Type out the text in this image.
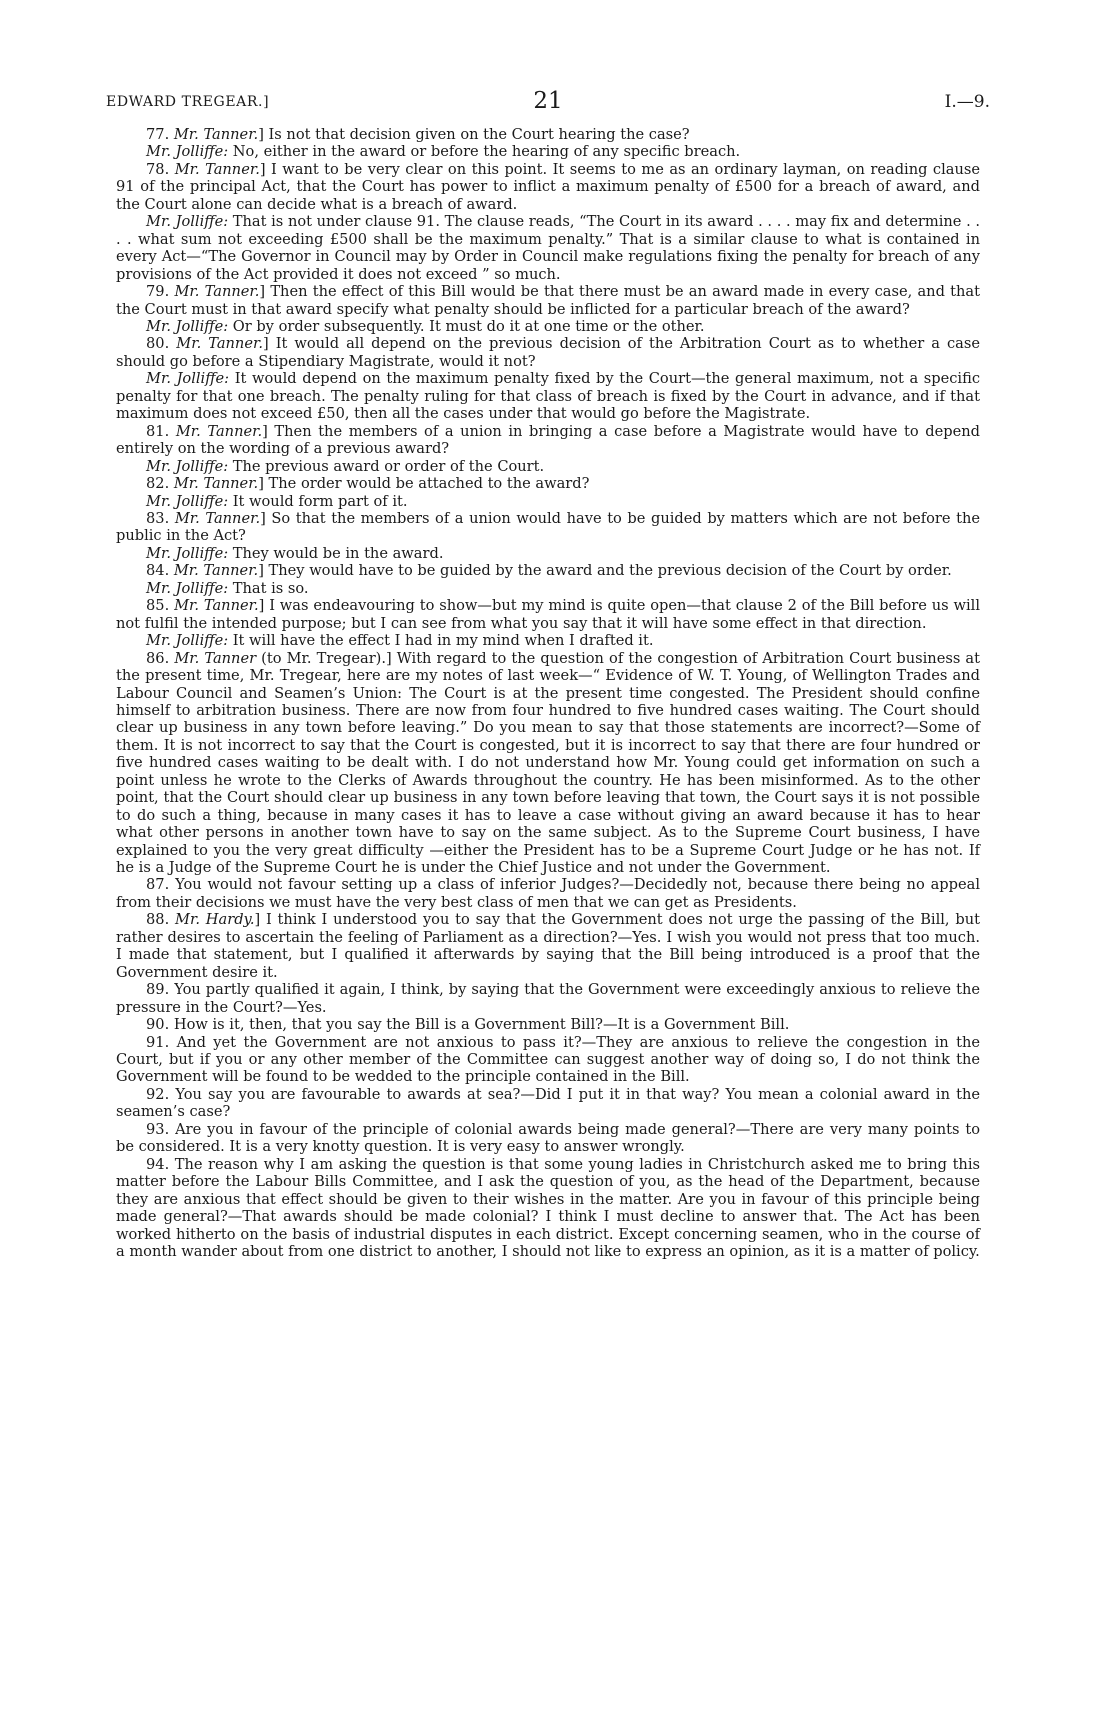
EDWARD TREGEAR.]	21	I.—9.

77. Mr. Tanner.] Is not that decision given on the Court hearing the case?

Mr. Jolliffe: No, either in the award or before the hearing of any specific breach.

78. Mr. Tanner.] I want to be very clear on this point. It seems to me as an ordinary layman, on reading clause 91 of the principal Act, that the Court has power to inflict a maximum penalty of £500 for a breach of award, and the Court alone can decide what is a breach of award.

Mr. Jolliffe: That is not under clause 91. The clause reads, “The Court in its award . . . . may fix and determine . . . . what sum not exceeding £500 shall be the maximum penalty.” That is a similar clause to what is contained in every Act—“The Governor in Council may by Order in Council make regulations fixing the penalty for breach of any provisions of the Act provided it does not exceed ” so much.

79. Mr. Tanner.] Then the effect of this Bill would be that there must be an award made in every case, and that the Court must in that award specify what penalty should be inflicted for a particular breach of the award?

Mr. Jolliffe: Or by order subsequently. It must do it at one time or the other.

80. Mr. Tanner.] It would all depend on the previous decision of the Arbitration Court as to whether a case should go before a Stipendiary Magistrate, would it not?

Mr. Jolliffe: It would depend on the maximum penalty fixed by the Court—the general maximum, not a specific penalty for that one breach. The penalty ruling for that class of breach is fixed by the Court in advance, and if that maximum does not exceed £50, then all the cases under that would go before the Magistrate.

81. Mr. Tanner.] Then the members of a union in bringing a case before a Magistrate would have to depend entirely on the wording of a previous award?

Mr. Jolliffe: The previous award or order of the Court.

82. Mr. Tanner.] The order would be attached to the award?

Mr. Jolliffe: It would form part of it.

83. Mr. Tanner.] So that the members of a union would have to be guided by matters which are not before the public in the Act?

Mr. Jolliffe: They would be in the award.

84. Mr. Tanner.] They would have to be guided by the award and the previous decision of the Court by order.

Mr. Jolliffe: That is so.

85. Mr. Tanner.] I was endeavouring to show—but my mind is quite open—that clause 2 of the Bill before us will not fulfil the intended purpose; but I can see from what you say that it will have some effect in that direction.

Mr. Jolliffe: It will have the effect I had in my mind when I drafted it.

86. Mr. Tanner (to Mr. Tregear).] With regard to the question of the congestion of Arbitration Court business at the present time, Mr. Tregear, here are my notes of last week—“ Evidence of W. T. Young, of Wellington Trades and Labour Council and Seamen’s Union: The Court is at the present time congested. The President should confine himself to arbitration business. There are now from four hundred to five hundred cases waiting. The Court should clear up business in any town before leaving.” Do you mean to say that those statements are incorrect?—Some of them. It is not incorrect to say that the Court is congested, but it is incorrect to say that there are four hundred or five hundred cases waiting to be dealt with. I do not understand how Mr. Young could get information on such a point unless he wrote to the Clerks of Awards throughout the country. He has been misinformed. As to the other point, that the Court should clear up business in any town before leaving that town, the Court says it is not possible to do such a thing, because in many cases it has to leave a case without giving an award because it has to hear what other persons in another town have to say on the same subject. As to the Supreme Court business, I have explained to you the very great difficulty —either the President has to be a Supreme Court Judge or he has not. If he is a Judge of the Supreme Court he is under the Chief Justice and not under the Government.

87. You would not favour setting up a class of inferior Judges?—Decidedly not, because there being no appeal from their decisions we must have the very best class of men that we can get as Presidents.

88. Mr. Hardy.] I think I understood you to say that the Government does not urge the passing of the Bill, but rather desires to ascertain the feeling of Parliament as a direction?—Yes. I wish you would not press that too much. I made that statement, but I qualified it afterwards by saying that the Bill being introduced is a proof that the Government desire it.

89. You partly qualified it again, I think, by saying that the Government were exceedingly anxious to relieve the pressure in the Court?—Yes.

90. How is it, then, that you say the Bill is a Government Bill?—It is a Government Bill.

91. And yet the Government are not anxious to pass it?—They are anxious to relieve the congestion in the Court, but if you or any other member of the Committee can suggest another way of doing so, I do not think the Government will be found to be wedded to the principle contained in the Bill.

92. You say you are favourable to awards at sea?—Did I put it in that way? You mean a colonial award in the seamen’s case?

93. Are you in favour of the principle of colonial awards being made general?—There are very many points to be considered. It is a very knotty question. It is very easy to answer wrongly.

94. The reason why I am asking the question is that some young ladies in Christchurch asked me to bring this matter before the Labour Bills Committee, and I ask the question of you, as the head of the Department, because they are anxious that effect should be given to their wishes in the matter. Are you in favour of this principle being made general?—That awards should be made colonial? I think I must decline to answer that. The Act has been worked hitherto on the basis of industrial disputes in each district. Except concerning seamen, who in the course of a month wander about from one district to another, I should not like to express an opinion, as it is a matter of policy.
